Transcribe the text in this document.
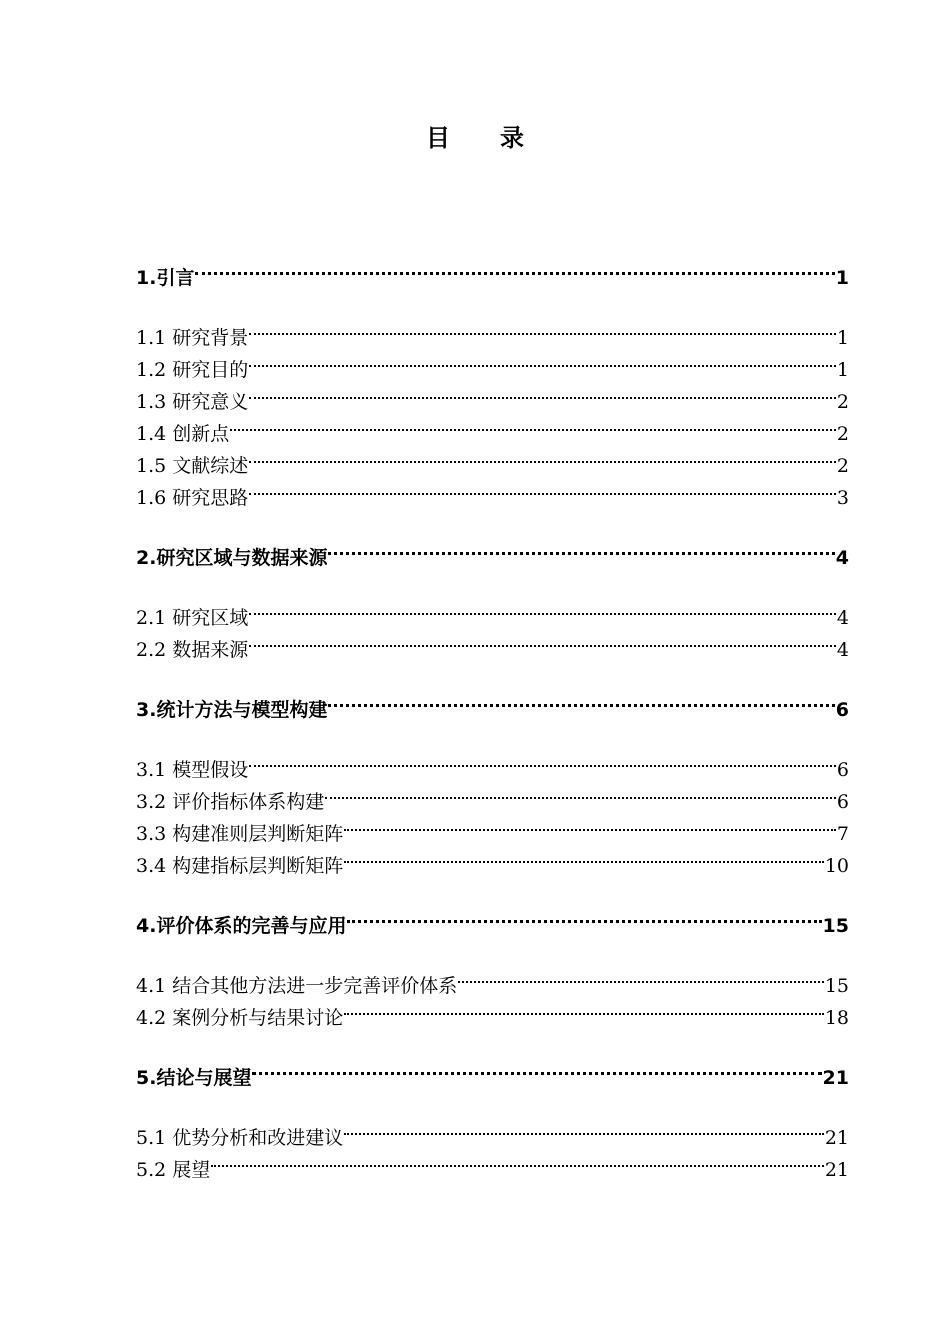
目 录
1.引言	1
1.1 研究背景	1
1.2 研究目的	1
1.3 研究意义	2
1.4 创新点	2
1.5 文献综述	2
1.6 研究思路	3
2.研究区域与数据来源	4
2.1 研究区域	4
2.2 数据来源	4
3.统计方法与模型构建	6
3.1 模型假设	6
3.2 评价指标体系构建	6
3.3 构建准则层判断矩阵	7
3.4 构建指标层判断矩阵	10
4.评价体系的完善与应用	15
4.1 结合其他方法进一步完善评价体系	15
4.2 案例分析与结果讨论	18
5.结论与展望	21
5.1 优势分析和改进建议	21
5.2 展望	21
